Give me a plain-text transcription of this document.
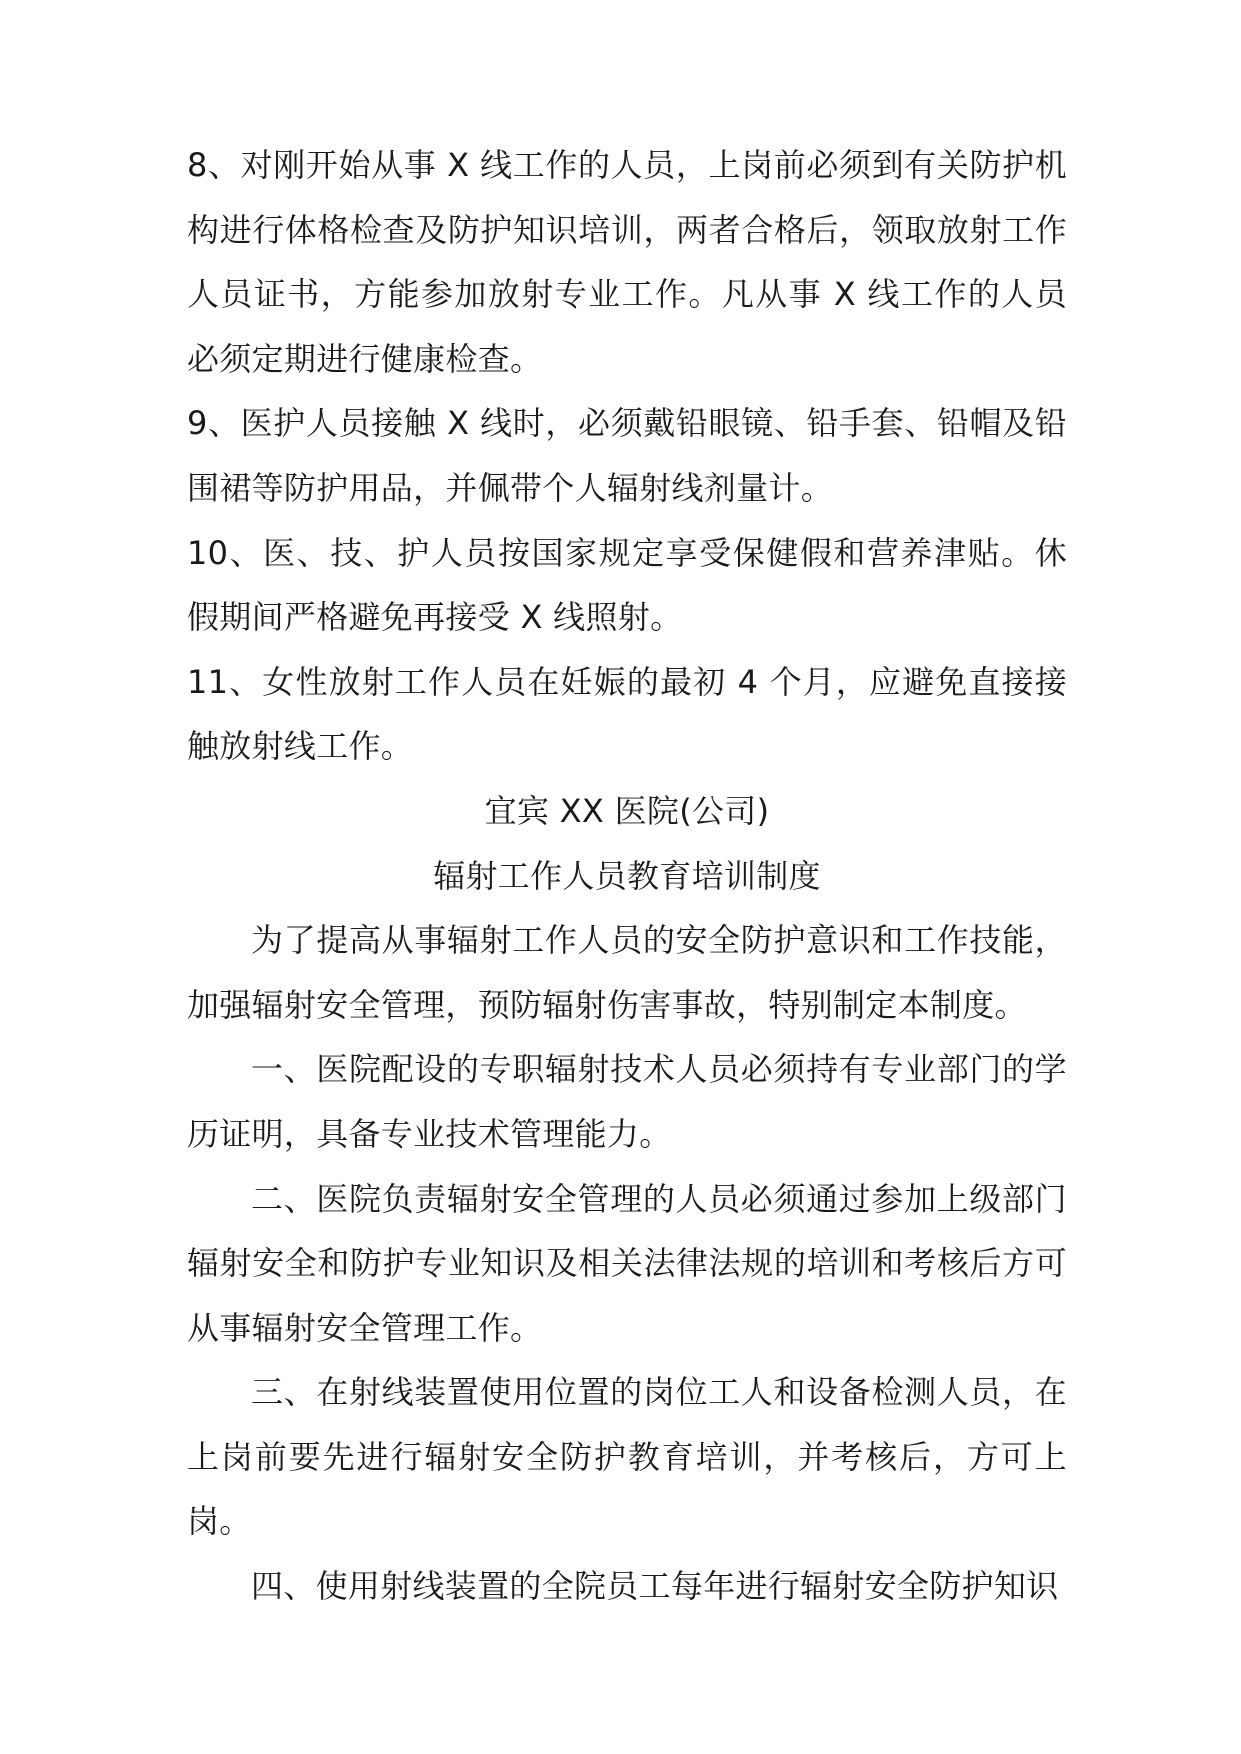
8、对刚开始从事 X 线工作的人员，上岗前必须到有关防护机构进行体格检查及防护知识培训，两者合格后，领取放射工作人员证书，方能参加放射专业工作。凡从事 X 线工作的人员必须定期进行健康检查。

9、医护人员接触 X 线时，必须戴铅眼镜、铅手套、铅帽及铅围裙等防护用品，并佩带个人辐射线剂量计。

10、医、技、护人员按国家规定享受保健假和营养津贴。休假期间严格避免再接受 X 线照射。

11、女性放射工作人员在妊娠的最初 4 个月，应避免直接接触放射线工作。

宜宾 XX 医院(公司)

辐射工作人员教育培训制度

为了提高从事辐射工作人员的安全防护意识和工作技能，加强辐射安全管理，预防辐射伤害事故，特别制定本制度。

一、医院配设的专职辐射技术人员必须持有专业部门的学历证明，具备专业技术管理能力。

二、医院负责辐射安全管理的人员必须通过参加上级部门辐射安全和防护专业知识及相关法律法规的培训和考核后方可从事辐射安全管理工作。

三、在射线装置使用位置的岗位工人和设备检测人员，在上岗前要先进行辐射安全防护教育培训，并考核后，方可上岗。

四、使用射线装置的全院员工每年进行辐射安全防护知识
